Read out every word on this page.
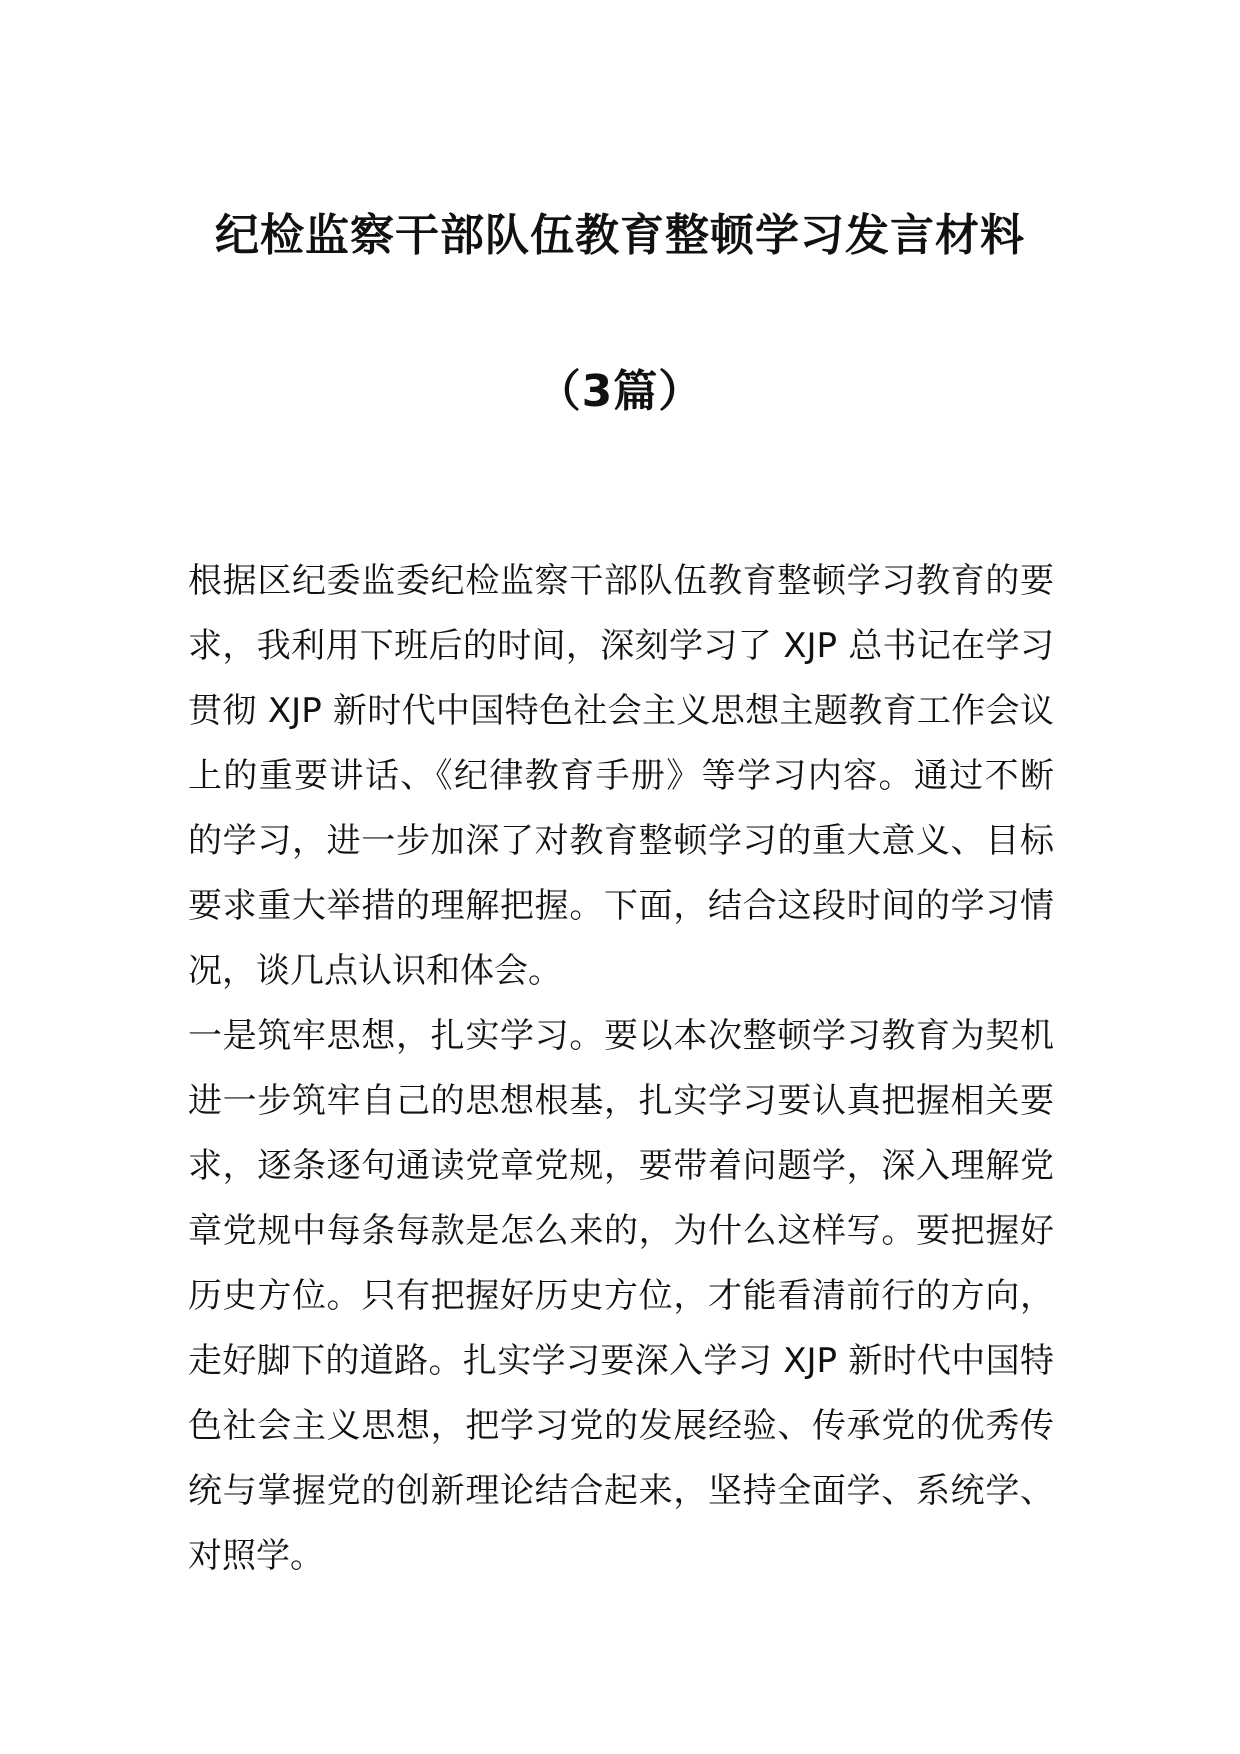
纪检监察干部队伍教育整顿学习发言材料
（3篇）

根据区纪委监委纪检监察干部队伍教育整顿学习教育的要求，我利用下班后的时间，深刻学习了 XJP 总书记在学习贯彻 XJP 新时代中国特色社会主义思想主题教育工作会议上的重要讲话、《纪律教育手册》等学习内容。通过不断的学习，进一步加深了对教育整顿学习的重大意义、目标要求重大举措的理解把握。下面，结合这段时间的学习情况，谈几点认识和体会。

一是筑牢思想，扎实学习。要以本次整顿学习教育为契机进一步筑牢自己的思想根基，扎实学习要认真把握相关要求，逐条逐句通读党章党规，要带着问题学，深入理解党章党规中每条每款是怎么来的，为什么这样写。要把握好历史方位。只有把握好历史方位，才能看清前行的方向，走好脚下的道路。扎实学习要深入学习 XJP 新时代中国特色社会主义思想，把学习党的发展经验、传承党的优秀传统与掌握党的创新理论结合起来，坚持全面学、系统学、对照学。
